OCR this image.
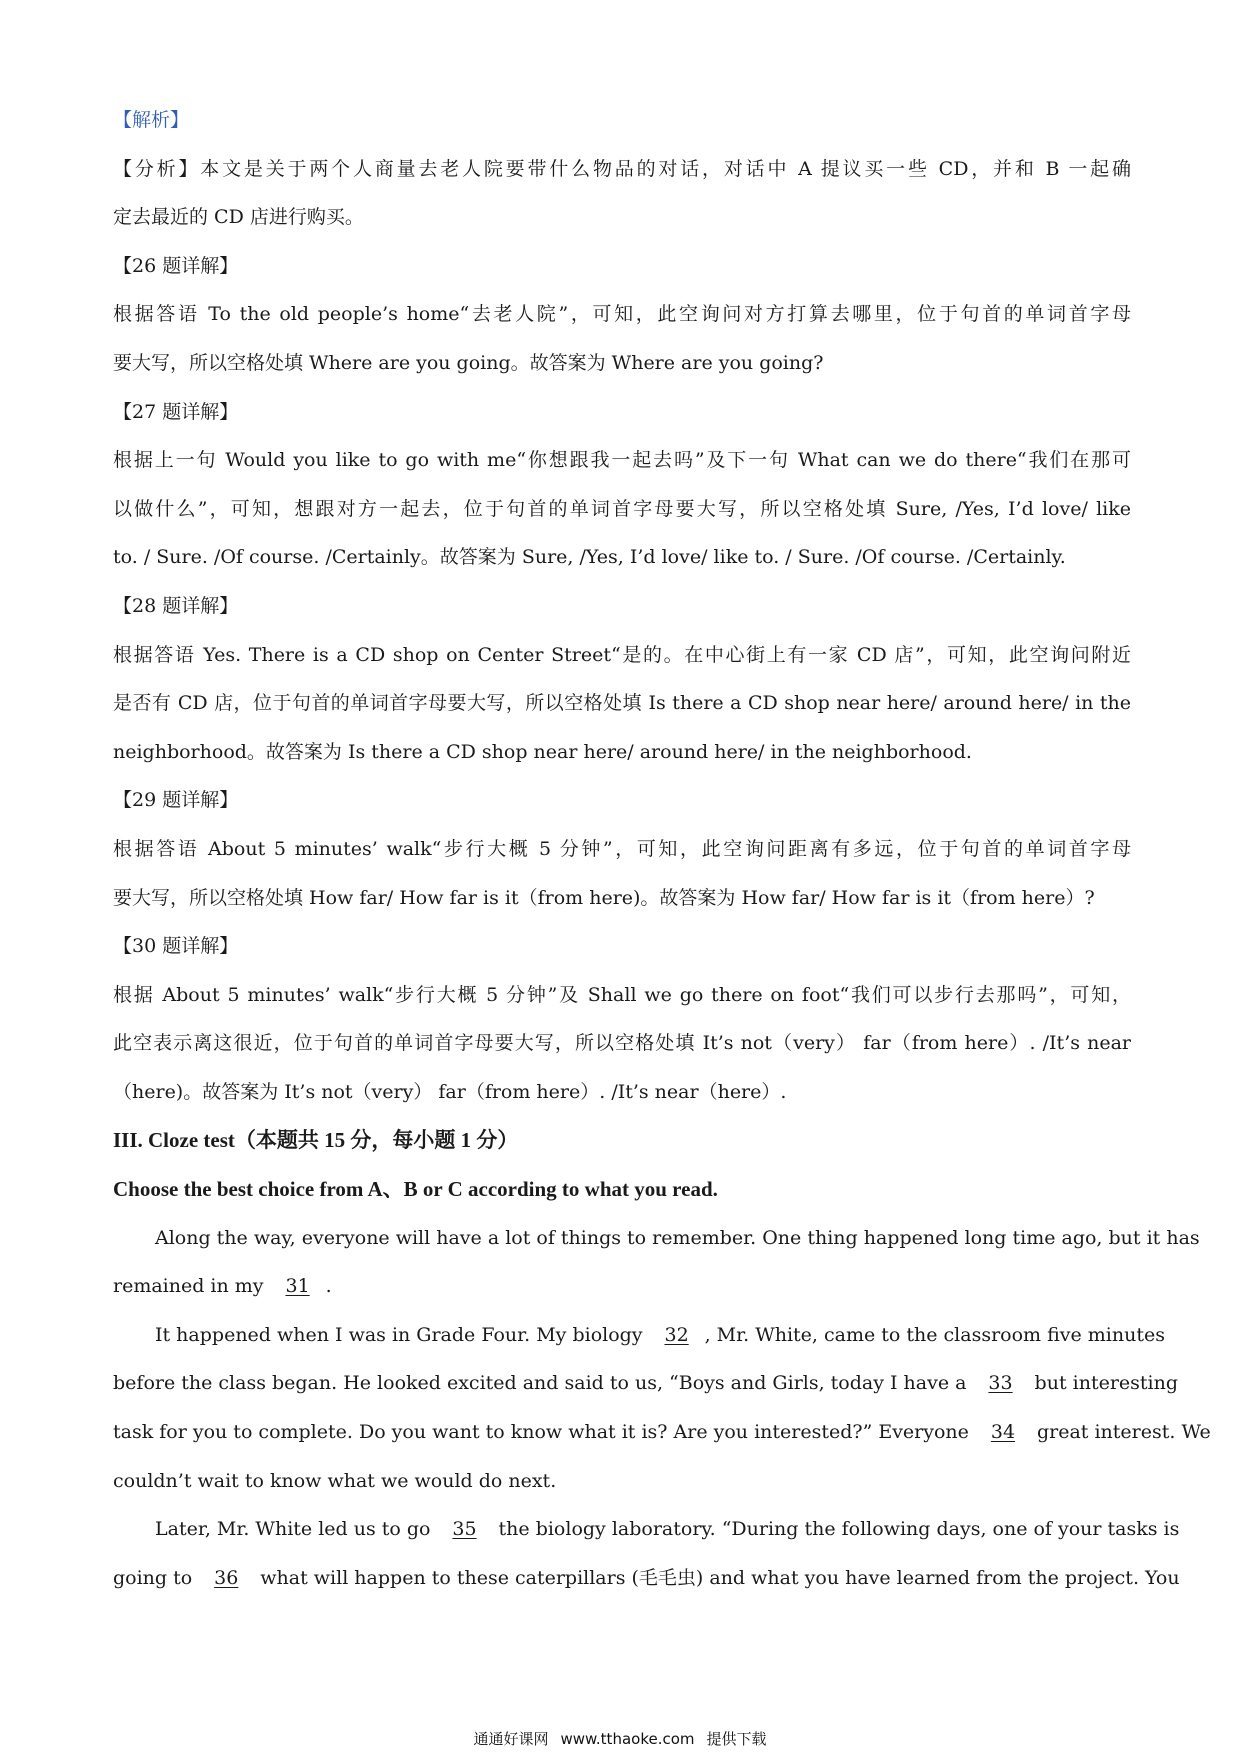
【解析】
【分析】本文是关于两个人商量去老人院要带什么物品的对话，对话中 A 提议买一些 CD，并和 B 一起确
定去最近的 CD 店进行购买。
【26 题详解】
根据答语 To the old people’s home“去老人院”，可知，此空询问对方打算去哪里，位于句首的单词首字母
要大写，所以空格处填 Where are you going。故答案为 Where are you going?
【27 题详解】
根据上一句 Would you like to go with me“你想跟我一起去吗”及下一句 What can we do there“我们在那可
以做什么”，可知，想跟对方一起去，位于句首的单词首字母要大写，所以空格处填 Sure, /Yes, I’d love/ like
to. / Sure. /Of course. /Certainly。故答案为 Sure, /Yes, I’d love/ like to. / Sure. /Of course. /Certainly.
【28 题详解】
根据答语 Yes. There is a CD shop on Center Street“是的。在中心街上有一家 CD 店”，可知，此空询问附近
是否有 CD 店，位于句首的单词首字母要大写，所以空格处填 Is there a CD shop near here/ around here/ in the
neighborhood。故答案为 Is there a CD shop near here/ around here/ in the neighborhood.
【29 题详解】
根据答语 About 5 minutes’ walk“步行大概 5 分钟”，可知，此空询问距离有多远，位于句首的单词首字母
要大写，所以空格处填 How far/ How far is it（from here)。故答案为 How far/ How far is it（from here）?
【30 题详解】
根据 About 5 minutes’ walk“步行大概 5 分钟”及 Shall we go there on foot“我们可以步行去那吗”，可知，
此空表示离这很近，位于句首的单词首字母要大写，所以空格处填 It’s not（very） far（from here）. /It’s near
（here)。故答案为 It’s not（very） far（from here）. /It’s near（here）.
III. Cloze test（本题共 15 分，每小题 1 分）
Choose the best choice from A、B or C according to what you read.
Along the way, everyone will have a lot of things to remember. One thing happened long time ago, but it has
remained in my 31 .
It happened when I was in Grade Four. My biology 32 , Mr. White, came to the classroom five minutes
before the class began. He looked excited and said to us, “Boys and Girls, today I have a 33 but interesting
task for you to complete. Do you want to know what it is? Are you interested?” Everyone 34 great interest. We
couldn’t wait to know what we would do next.
Later, Mr. White led us to go 35 the biology laboratory. “During the following days, one of your tasks is
going to 36 what will happen to these caterpillars (毛毛虫) and what you have learned from the project. You
通通好课网 www.tthaoke.com 提供下载
